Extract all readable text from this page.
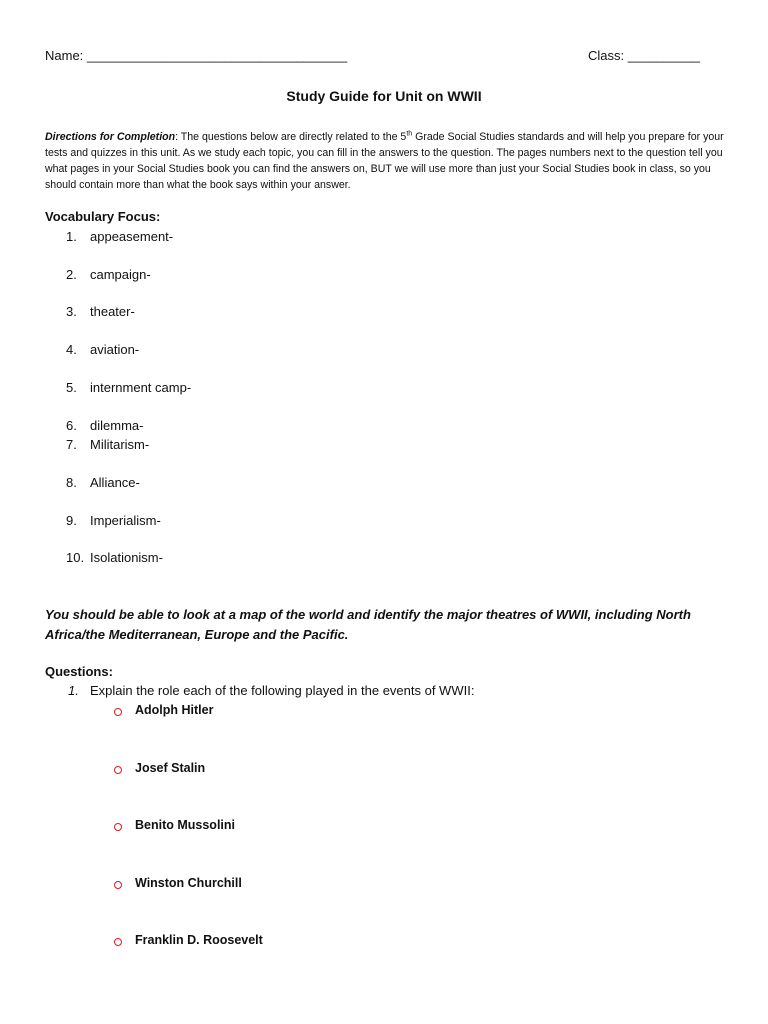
Name: ____________________________________	Class: __________
Study Guide for Unit on WWII

Directions for Completion: The questions below are directly related to the 5th Grade Social Studies standards and will help you prepare for your tests and quizzes in this unit. As we study each topic, you can fill in the answers to the question. The pages numbers next to the question tell you what pages in your Social Studies book you can find the answers on, BUT we will use more than just your Social Studies book in class, so you should contain more than what the book says within your answer.

Vocabulary Focus:
1. appeasement-
2. campaign-
3. theater-
4. aviation-
5. internment camp-
6. dilemma-
7. Militarism-
8. Alliance-
9. Imperialism-
10. Isolationism-

You should be able to look at a map of the world and identify the major theatres of WWII, including North Africa/the Mediterranean, Europe and the Pacific.

Questions:
1. Explain the role each of the following played in the events of WWII:
Adolph Hitler
Josef Stalin
Benito Mussolini
Winston Churchill
Franklin D. Roosevelt
